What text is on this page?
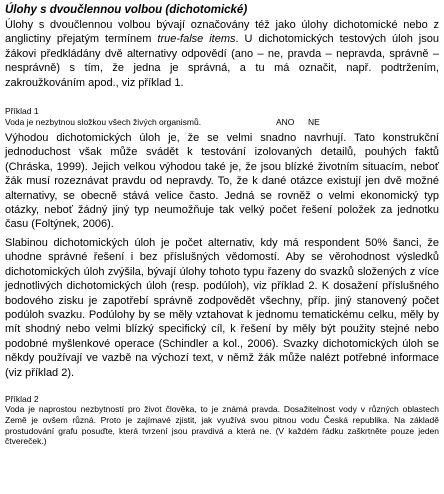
Úlohy s dvoučlennou volbou (dichotomické)

Úlohy s dvoučlennou volbou bývají označovány též jako úlohy dichotomické nebo z anglictiny přejatým termínem true-false items. U dichotomických testových úloh jsou žákovi předkládány dvě alternativy odpovědí (ano – ne, pravda – nepravda, správně – nesprávně) s tím, že jedna je správná, a tu má označit, např. podtržením, zakroužkováním apod., viz příklad 1.

Příklad 1

Voda je nezbytnou složkou všech živých organismů.	ANO	NE

Výhodou dichotomických úloh je, že se velmi snadno navrhují. Tato konstrukční jednoduchost však může svádět k testování izolovaných detailů, pouhých faktů (Chráska, 1999). Jejich velkou výhodou také je, že jsou blízké životním situacím, neboť žák musí rozeznávat pravdu od nepravdy. To, že k dané otázce existují jen dvě možné alternativy, se obecně stává velice často. Jedná se rovněž o velmi ekonomický typ otázky, neboť žádný jiný typ neumožňuje tak velký počet řešení položek za jednotku času (Foltýnek, 2006).

Slabinou dichotomických úloh je počet alternativ, kdy má respondent 50% šanci, že uhodne správné řešení i bez příslušných vědomostí. Aby se věrohodnost výsledků dichotomických úloh zvýšila, bývají úlohy tohoto typu řazeny do svazků složených z více jednotlivých dichotomických úloh (resp. podúloh), viz příklad 2. K dosažení příslušného bodového zisku je zapotřebí správně zodpovědět všechny, příp. jiný stanovený počet podúloh svazku. Podúlohy by se měly vztahovat k jednomu tematickému celku, měly by mít shodný nebo velmi blízký specifický cíl, k řešení by měly být použity stejné nebo podobné myšlenkové operace (Schindler a kol., 2006). Svazky dichotomických úloh se někdy používají ve vazbě na výchozí text, v němž žák může nalézt potřebné informace (viz příklad 2).

Příklad 2

Voda je naprostou nezbytností pro život člověka, to je známá pravda. Dosažitelnost vody v různých oblastech Země je ovšem různá. Proto je zajímavé zjistit, jak využívá svou pitnou vodu Česká republika. Na základě prostudování grafu posuďte, která tvrzení jsou pravdivá a která ne. (V každém řádku zaškrtněte pouze jeden čtvereček.)
